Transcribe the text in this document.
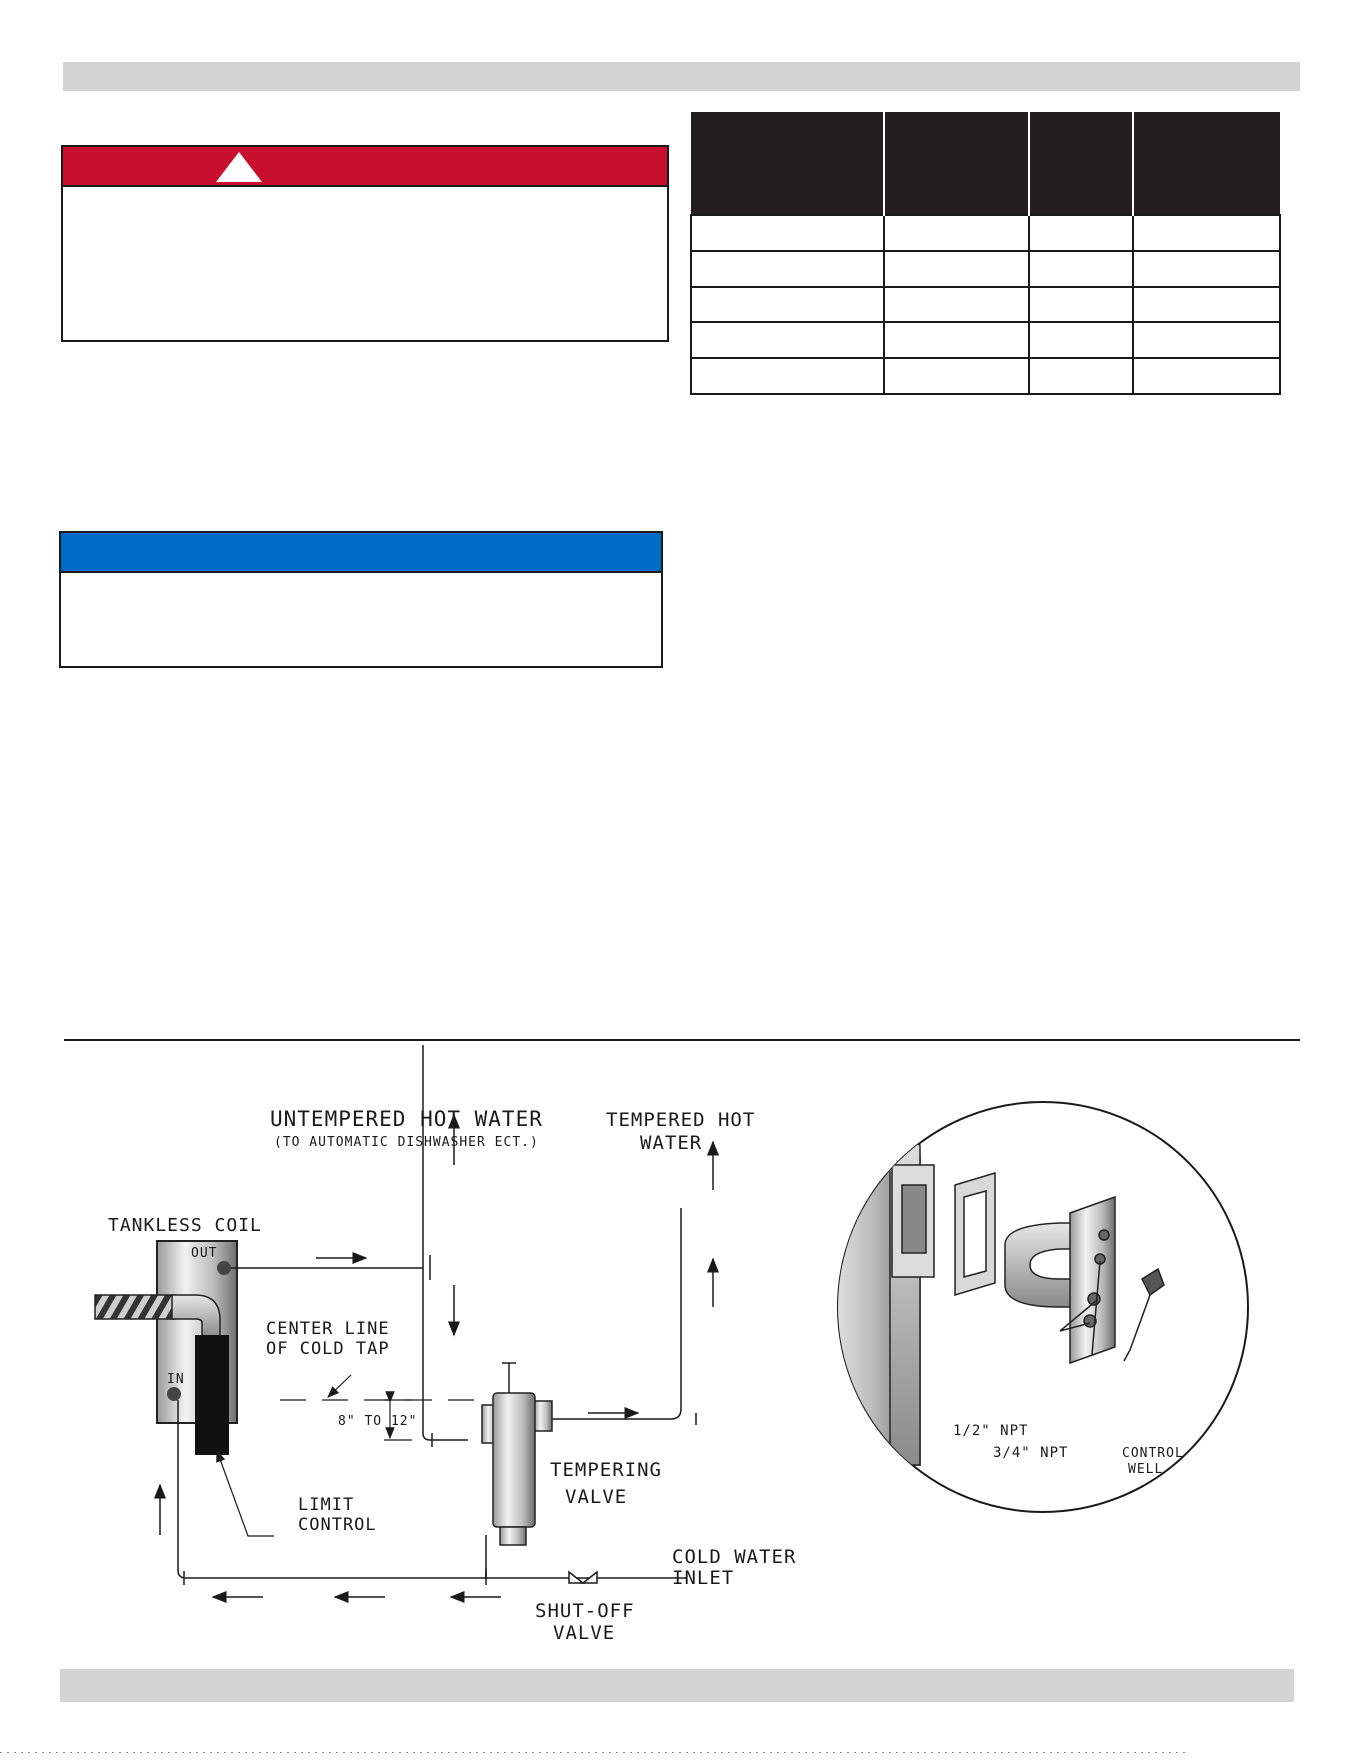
UNTEMPERED HOT WATER
(TO AUTOMATIC DISHWASHER ECT.)
TEMPERED HOT
WATER
TANKLESS COIL
OUT
IN
CENTER LINE
OF COLD TAP
8" TO 12"
LIMIT
CONTROL
TEMPERING
VALVE
COLD WATER
INLET
SHUT-OFF
VALVE
1/2" NPT
3/4" NPT	CONTROL
WELL
